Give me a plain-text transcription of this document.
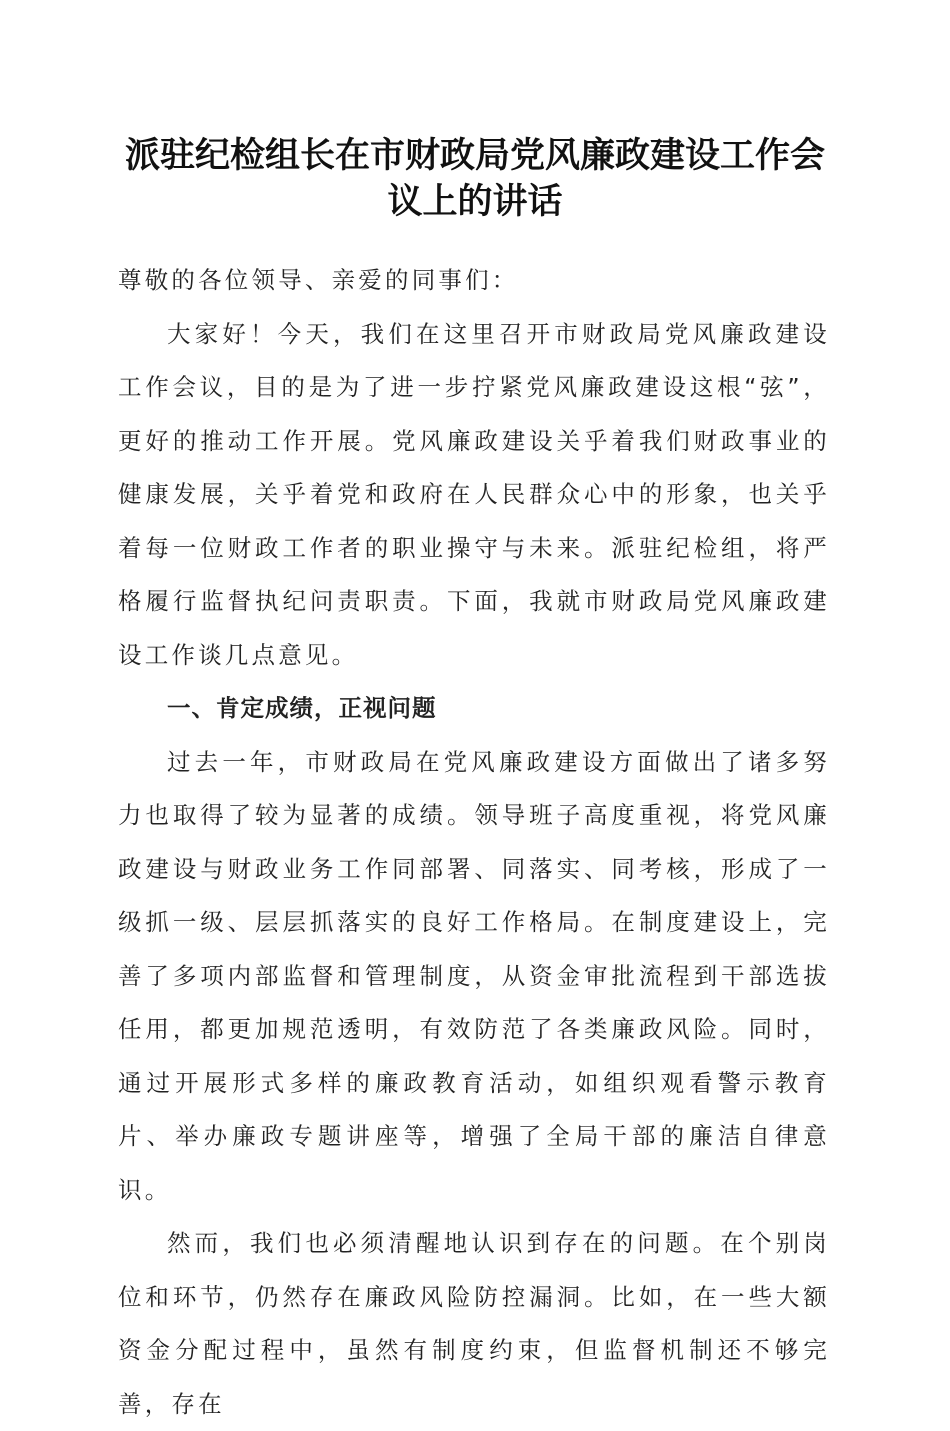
派驻纪检组长在市财政局党风廉政建设工作会议上的讲话

尊敬的各位领导、亲爱的同事们：

大家好！今天，我们在这里召开市财政局党风廉政建设工作会议，目的是为了进一步拧紧党风廉政建设这根“弦”，更好的推动工作开展。党风廉政建设关乎着我们财政事业的健康发展，关乎着党和政府在人民群众心中的形象，也关乎着每一位财政工作者的职业操守与未来。派驻纪检组，将严格履行监督执纪问责职责。下面，我就市财政局党风廉政建设工作谈几点意见。

一、肯定成绩，正视问题

过去一年，市财政局在党风廉政建设方面做出了诸多努力也取得了较为显著的成绩。领导班子高度重视，将党风廉政建设与财政业务工作同部署、同落实、同考核，形成了一级抓一级、层层抓落实的良好工作格局。在制度建设上，完善了多项内部监督和管理制度，从资金审批流程到干部选拔任用，都更加规范透明，有效防范了各类廉政风险。同时，通过开展形式多样的廉政教育活动，如组织观看警示教育片、举办廉政专题讲座等，增强了全局干部的廉洁自律意识。

然而，我们也必须清醒地认识到存在的问题。在个别岗位和环节，仍然存在廉政风险防控漏洞。比如，在一些大额资金分配过程中，虽然有制度约束，但监督机制还不够完善，存在
